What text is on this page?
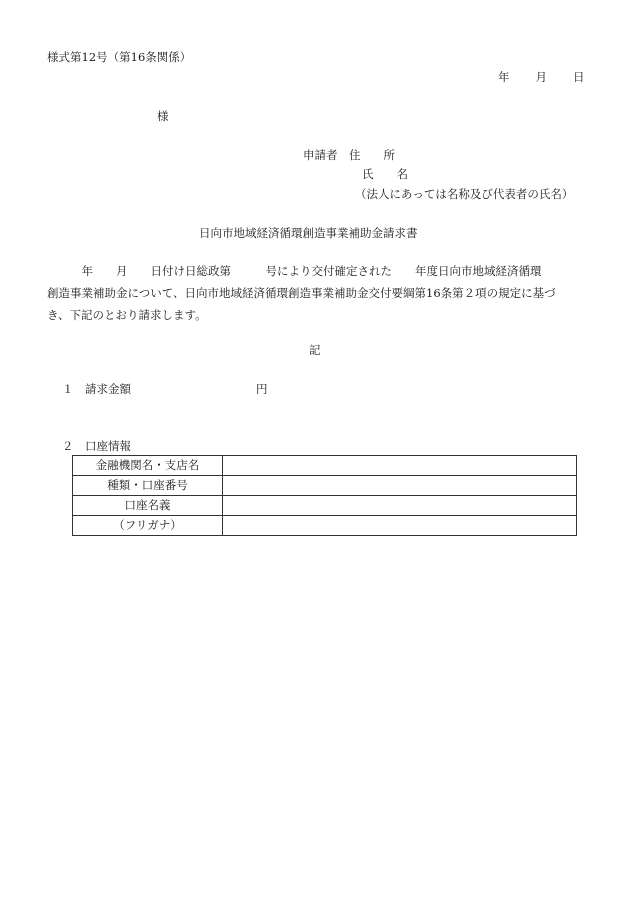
様式第12号（第16条関係）
年　　月　　日
様
申請者 住　　所
氏　　名
（法人にあっては名称及び代表者の氏名）
日向市地域経済循環創造事業補助金請求書
　　　年　　月　　日付け日総政第　　　号により交付確定された　　年度日向市地域経済循環
創造事業補助金について、日向市地域経済循環創造事業補助金交付要綱第16条第２項の規定に基づ
き、下記のとおり請求します。
記
１ 請求金額	円
２ 口座情報
金融機関名・支店名	
種類・口座番号	
口座名義	
（フリガナ）	
